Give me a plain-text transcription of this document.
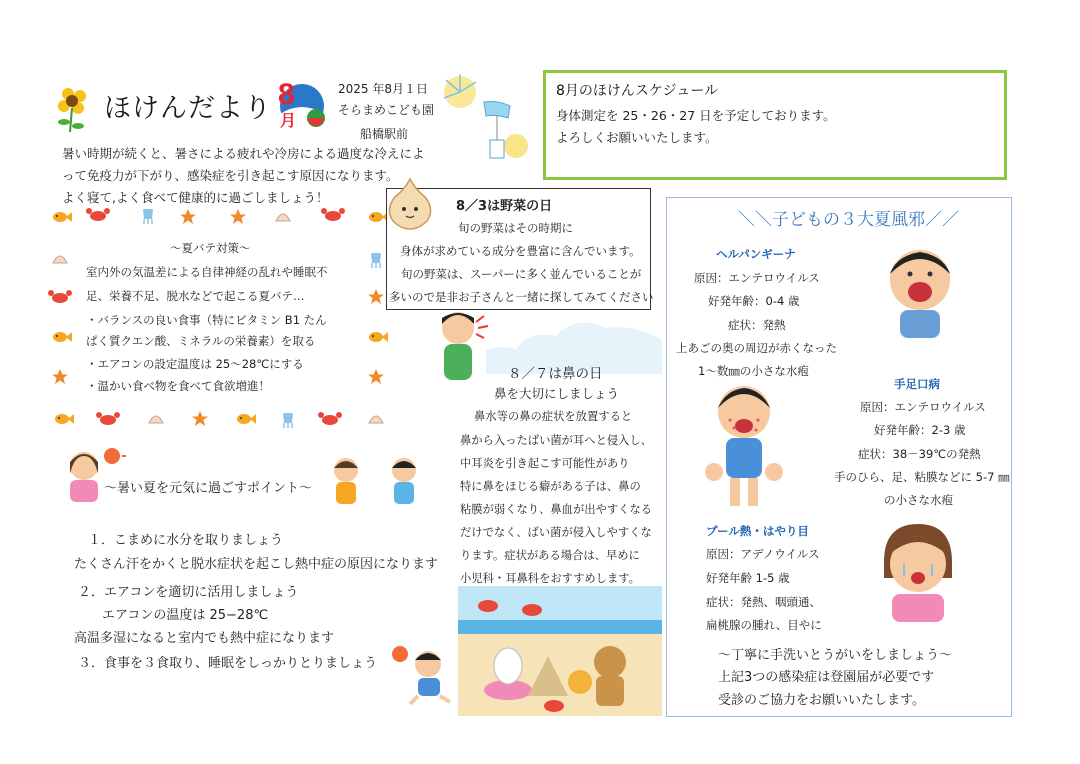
ほけんだより 8
月
2025 年8月１日
そらまめこども園
船橋駅前
暑い時期が続くと、暑さによる疲れや冷房による過度な冷えによ
って免疫力が下がり、感染症を引き起こす原因になります。
よく寝て,よく食べて健康的に過ごしましょう！
8月のほけんスケジュール
身体測定を 25・26・27 日を予定しております。
よろしくお願いいたします。
～夏バテ対策～
室内外の気温差による自律神経の乱れや睡眠不
足、栄養不足、脱水などで起こる夏バテ…
・バランスの良い食事（特にビタミン B1 たん
ぱく質クエン酸、ミネラルの栄養素）を取る
・エアコンの設定温度は 25～28℃にする
・温かい食べ物を食べて食欲増進！
8／3は野菜の日
旬の野菜はその時期に
身体が求めている成分を豊富に含んでいます。
旬の野菜は、スーパーに多く並んでいることが
多いので是非お子さんと一緒に探してみてください
８／７は鼻の日
鼻を大切にしましょう
鼻水等の鼻の症状を放置すると
鼻から入ったばい菌が耳へと侵入し、
中耳炎を引き起こす可能性があり
特に鼻をほじる癖がある子は、鼻の
粘膜が弱くなり、鼻血が出やすくなる
だけでなく、ばい菌が侵入しやすくな
ります。症状がある場合は、早めに
小児科・耳鼻科をおすすめします。
～暑い夏を元気に過ごすポイント～
１．こまめに水分を取りましょう
たくさん汗をかくと脱水症状を起こし熱中症の原因になります
２．エアコンを適切に活用しましょう
エアコンの温度は 25−28℃
高温多湿になると室内でも熱中症になります
３．食事を３食取り、睡眠をしっかりとりましょう
＼＼子どもの３大夏風邪／／
ヘルパンギーナ
原因：エンテロウイルス
好発年齢：0-4 歳
症状：発熱
上あごの奥の周辺が赤くなった
1～数㎜の小さな水疱
手足口病
原因：エンテロウイルス
好発年齢：2-3 歳
症状：38－39℃の発熱
手のひら、足、粘膜などに 5-7 ㎜
の小さな水疱
プール熱・はやり目
原因：アデノウイルス
好発年齢 1-5 歳
症状：発熱、咽頭通、
扁桃腺の腫れ、目やに
～丁寧に手洗いとうがいをしましょう～
上記3つの感染症は登園届が必要です
受診のご協力をお願いいたします。
